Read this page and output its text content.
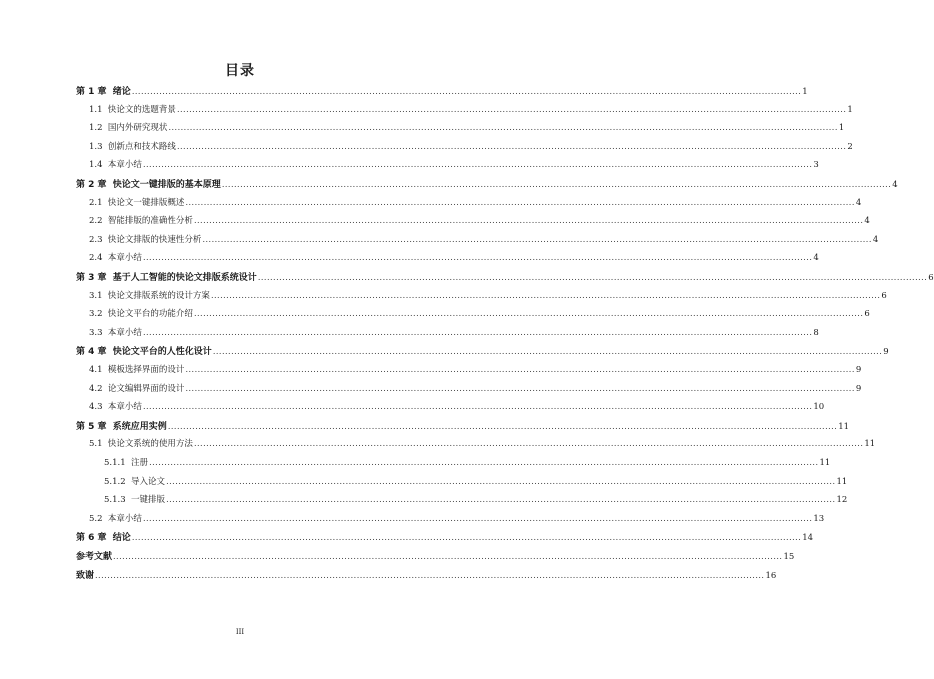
目录
第 1 章 绪论 ............................................................................................................................................................................................................................ 1
1.1 快论文的选题背景 ............................................................................................................................................................................................................................ 1
1.2 国内外研究现状 ............................................................................................................................................................................................................................ 1
1.3 创新点和技术路线 ............................................................................................................................................................................................................................ 2
1.4 本章小结 ............................................................................................................................................................................................................................ 3
第 2 章 快论文一键排版的基本原理 ............................................................................................................................................................................................................................ 4
2.1 快论文一键排版概述 ............................................................................................................................................................................................................................ 4
2.2 智能排版的准确性分析 ............................................................................................................................................................................................................................ 4
2.3 快论文排版的快速性分析 ............................................................................................................................................................................................................................ 4
2.4 本章小结 ............................................................................................................................................................................................................................ 4
第 3 章 基于人工智能的快论文排版系统设计 ............................................................................................................................................................................................................................ 6
3.1 快论文排版系统的设计方案 ............................................................................................................................................................................................................................ 6
3.2 快论文平台的功能介绍 ............................................................................................................................................................................................................................ 6
3.3 本章小结 ............................................................................................................................................................................................................................ 8
第 4 章 快论文平台的人性化设计 ............................................................................................................................................................................................................................ 9
4.1 模板选择界面的设计 ............................................................................................................................................................................................................................ 9
4.2 论文编辑界面的设计 ............................................................................................................................................................................................................................ 9
4.3 本章小结 ............................................................................................................................................................................................................................ 10
第 5 章 系统应用实例 ............................................................................................................................................................................................................................ 11
5.1 快论文系统的使用方法 ............................................................................................................................................................................................................................ 11
5.1.1 注册 ............................................................................................................................................................................................................................ 11
5.1.2 导入论文 ............................................................................................................................................................................................................................ 11
5.1.3 一键排版 ............................................................................................................................................................................................................................ 12
5.2 本章小结 ............................................................................................................................................................................................................................ 13
第 6 章 结论 ............................................................................................................................................................................................................................ 14
参考文献 ............................................................................................................................................................................................................................ 15
致谢 ............................................................................................................................................................................................................................ 16
III
